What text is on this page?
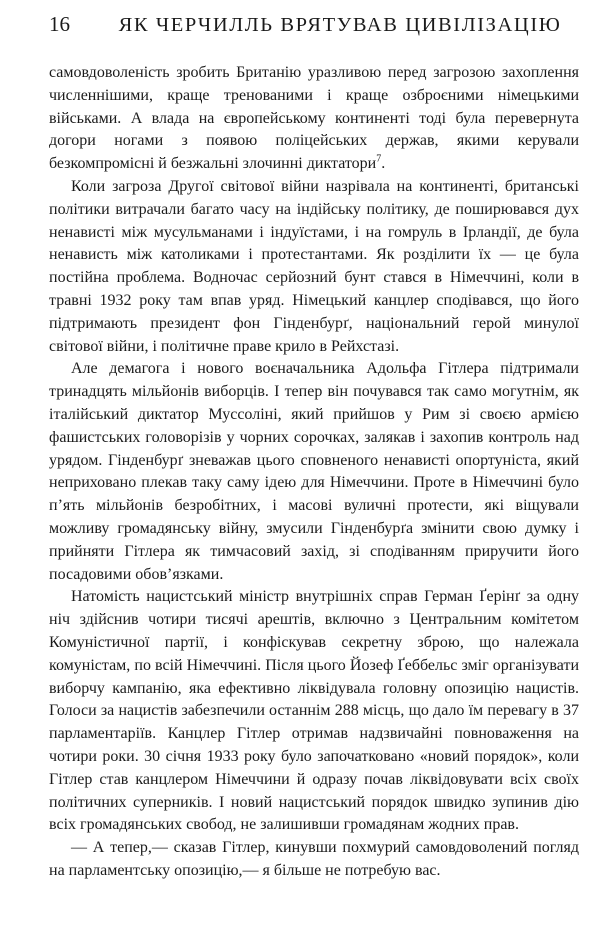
16	ЯК ЧЕРЧИЛЛЬ ВРЯТУВАВ ЦИВІЛІЗАЦІЮ

самовдоволеність зробить Британію уразливою перед загрозою захоплення численнішими, краще тренованими і краще озброєними німецькими військами. А влада на європейському континенті тоді була перевернута догори ногами з появою поліцейських держав, якими керували безкомпромісні й безжальні злочинні диктатори$^7$.

Коли загроза Другої світової війни назрівала на континенті, британські політики витрачали багато часу на індійську політику, де поширювався дух ненависті між мусульманами і індуїстами, і на гомруль в Ірландії, де була ненависть між католиками і протестантами. Як розділити їх — це була постійна проблема. Водночас серйозний бунт стався в Німеччині, коли в травні 1932 року там впав уряд. Німецький канцлер сподівався, що його підтримають президент фон Гінденбурґ, національний герой минулої світової війни, і політичне праве крило в Рейхстазі.

Але демагога і нового воєначальника Адольфа Гітлера підтримали тринадцять мільйонів виборців. І тепер він почувався так само могутнім, як італійський диктатор Муссоліні, який прийшов у Рим зі своєю армією фашистських головорізів у чорних сорочках, залякав і захопив контроль над урядом. Гінденбурґ зневажав цього сповненого ненависті опортуніста, який неприховано плекав таку саму ідею для Німеччини. Проте в Німеччині було п’ять мільйонів безробітних, і масові вуличні протести, які віщували можливу громадянську війну, змусили Гінденбурґа змінити свою думку і прийняти Гітлера як тимчасовий захід, зі сподіванням приручити його посадовими обов’язками.

Натомість нацистський міністр внутрішніх справ Герман Ґерінґ за одну ніч здійснив чотири тисячі арештів, включно з Центральним комітетом Комуністичної партії, і конфіскував секретну зброю, що належала комуністам, по всій Німеччині. Після цього Йозеф Ґеббельс зміг організувати виборчу кампанію, яка ефективно ліквідувала головну опозицію нацистів. Голоси за нацистів забезпечили останнім 288 місць, що дало їм перевагу в 37 парламентаріїв. Канцлер Гітлер отримав надзвичайні повноваження на чотири роки. 30 січня 1933 року було започатковано «новий порядок», коли Гітлер став канцлером Німеччини й одразу почав ліквідовувати всіх своїх політичних суперників. І новий нацистський порядок швидко зупинив дію всіх громадянських свобод, не залишивши громадянам жодних прав.

— А тепер,— сказав Гітлер, кинувши похмурий самовдоволений погляд на парламентську опозицію,— я більше не потребую вас.
